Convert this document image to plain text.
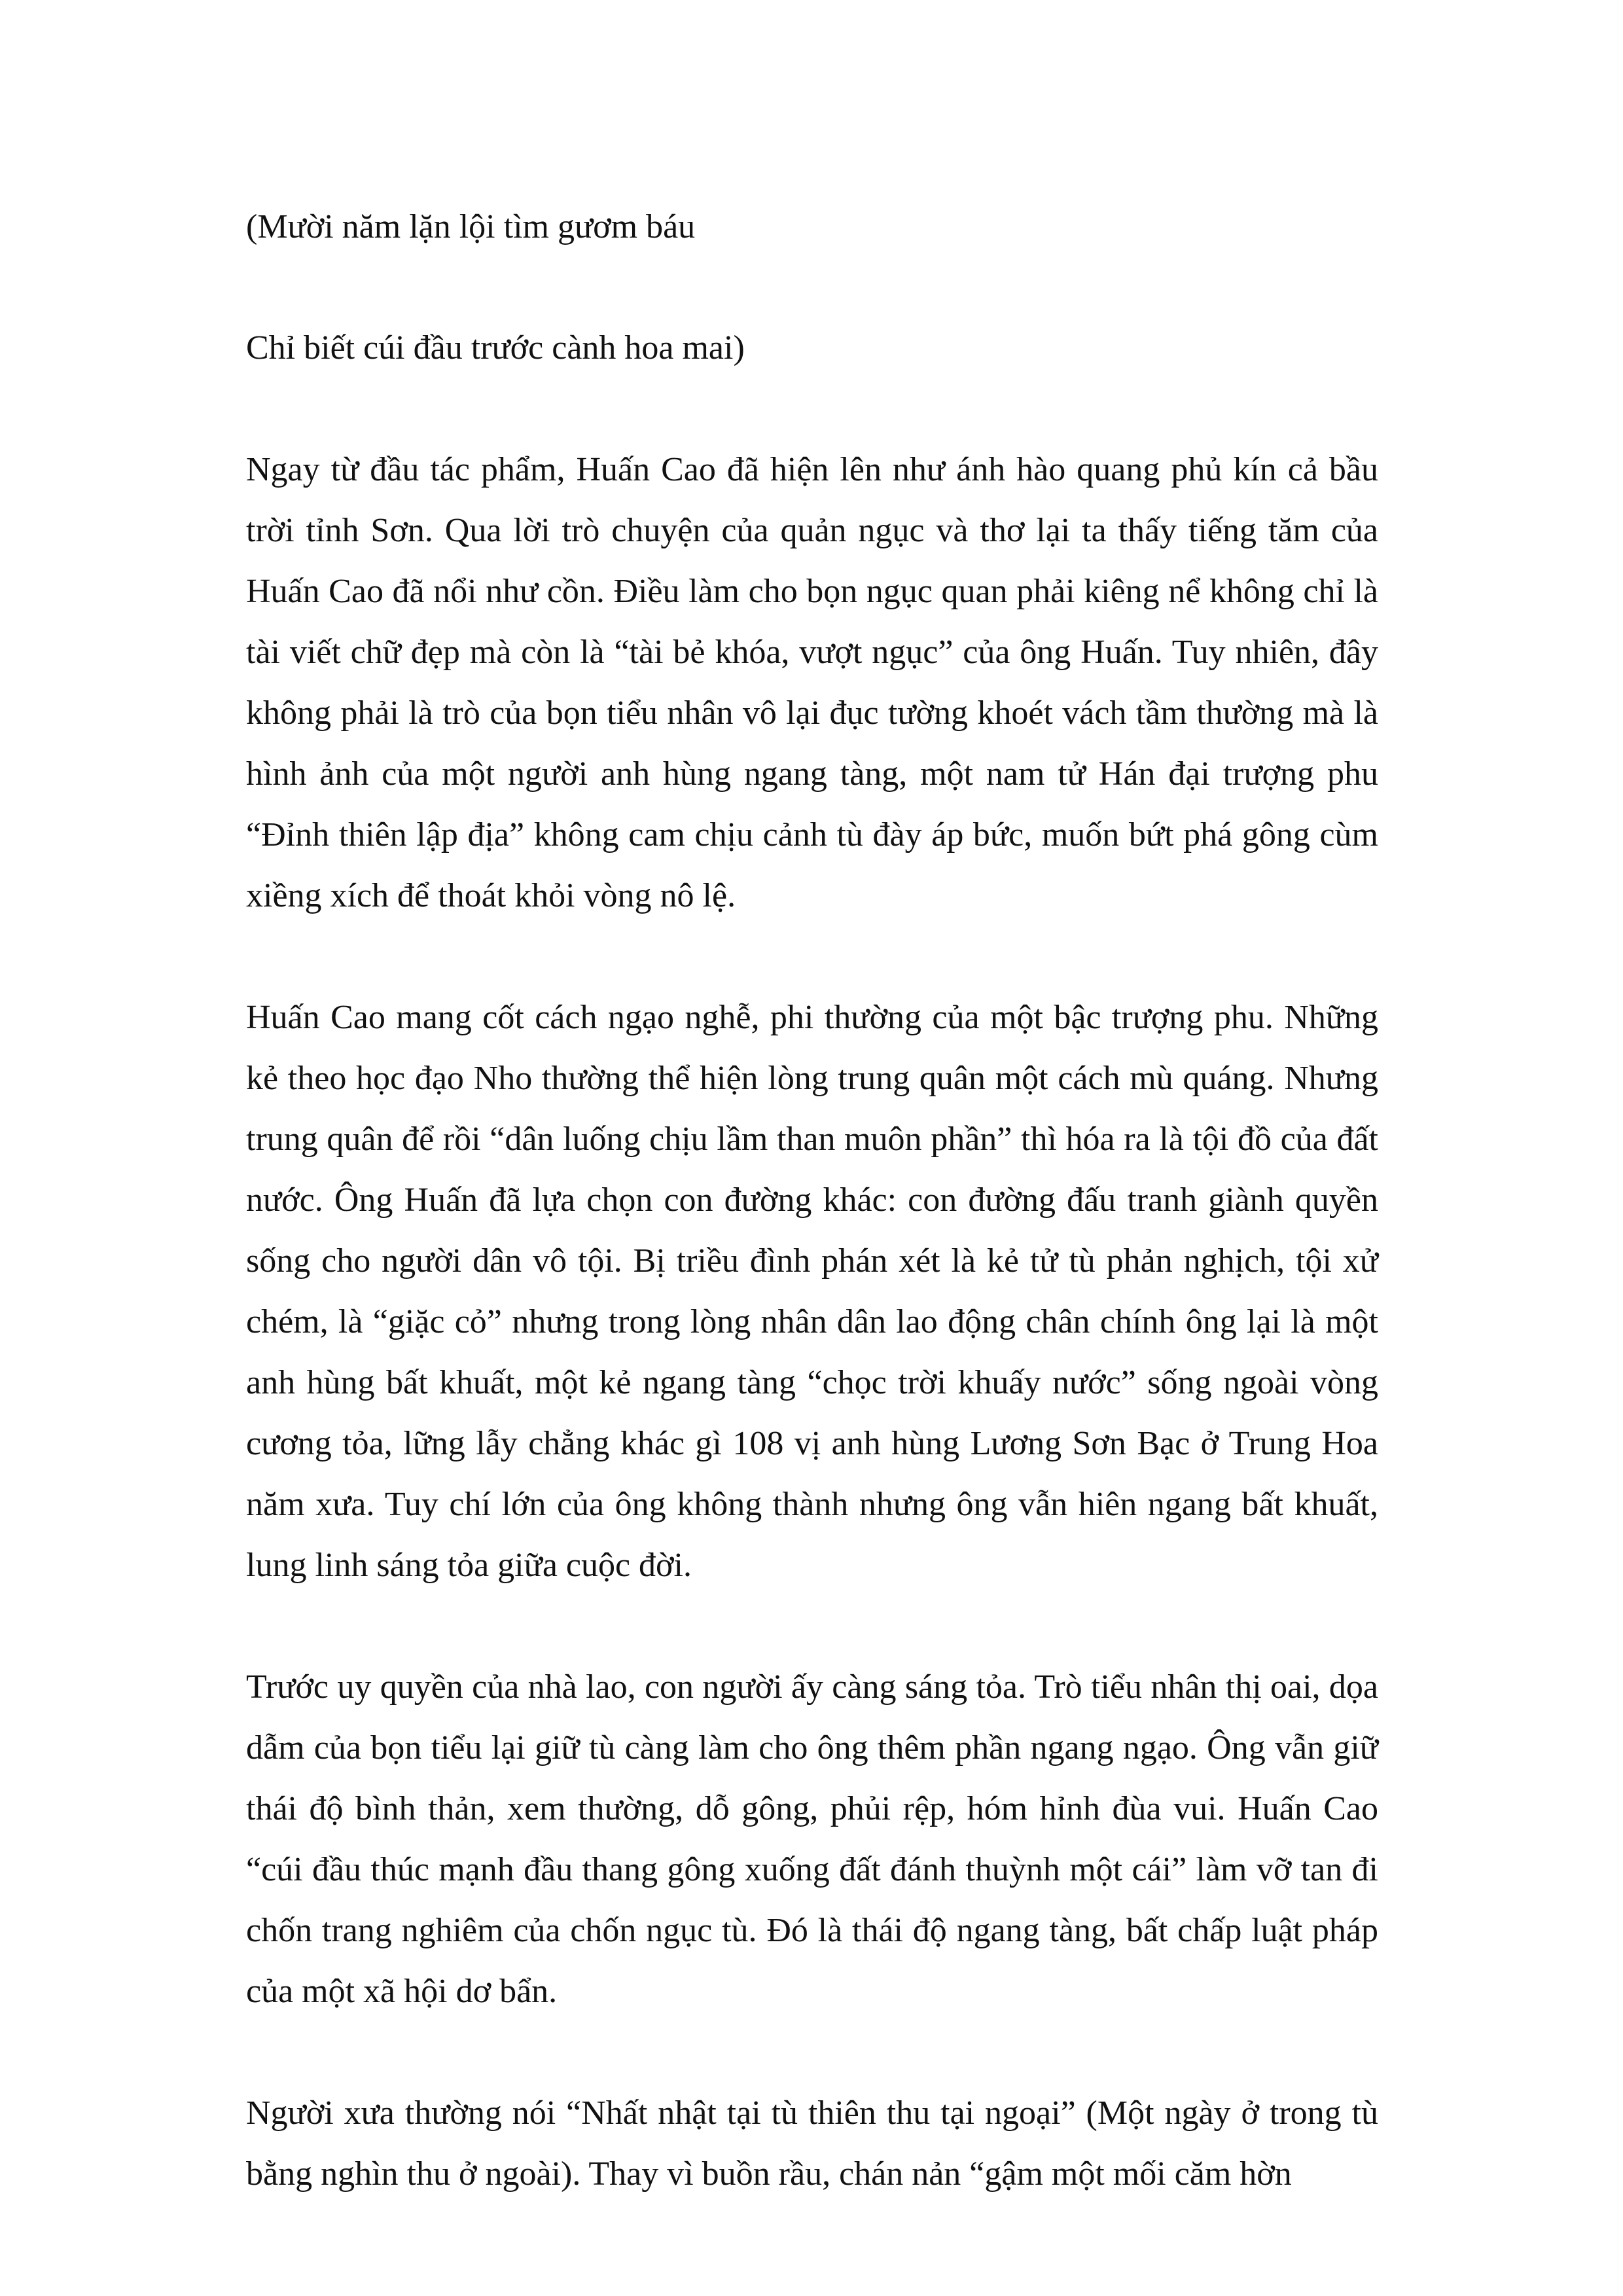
(Mười năm lặn lội tìm gươm báu

Chỉ biết cúi đầu trước cành hoa mai)

Ngay từ đầu tác phẩm, Huấn Cao đã hiện lên như ánh hào quang phủ kín cả bầu trời tỉnh Sơn. Qua lời trò chuyện của quản ngục và thơ lại ta thấy tiếng tăm của Huấn Cao đã nổi như cồn. Điều làm cho bọn ngục quan phải kiêng nể không chỉ là tài viết chữ đẹp mà còn là “tài bẻ khóa, vượt ngục” của ông Huấn. Tuy nhiên, đây không phải là trò của bọn tiểu nhân vô lại đục tường khoét vách tầm thường mà là hình ảnh của một người anh hùng ngang tàng, một nam tử Hán đại trượng phu “Đỉnh thiên lập địa” không cam chịu cảnh tù đày áp bức, muốn bứt phá gông cùm xiềng xích để thoát khỏi vòng nô lệ.

Huấn Cao mang cốt cách ngạo nghễ, phi thường của một bậc trượng phu. Những kẻ theo học đạo Nho thường thể hiện lòng trung quân một cách mù quáng. Nhưng trung quân để rồi “dân luống chịu lầm than muôn phần” thì hóa ra là tội đồ của đất nước. Ông Huấn đã lựa chọn con đường khác: con đường đấu tranh giành quyền sống cho người dân vô tội. Bị triều đình phán xét là kẻ tử tù phản nghịch, tội xử chém, là “giặc cỏ” nhưng trong lòng nhân dân lao động chân chính ông lại là một anh hùng bất khuất, một kẻ ngang tàng “chọc trời khuấy nước” sống ngoài vòng cương tỏa, lững lẫy chẳng khác gì 108 vị anh hùng Lương Sơn Bạc ở Trung Hoa năm xưa. Tuy chí lớn của ông không thành nhưng ông vẫn hiên ngang bất khuất, lung linh sáng tỏa giữa cuộc đời.

Trước uy quyền của nhà lao, con người ấy càng sáng tỏa. Trò tiểu nhân thị oai, dọa dẫm của bọn tiểu lại giữ tù càng làm cho ông thêm phần ngang ngạo. Ông vẫn giữ thái độ bình thản, xem thường, dỗ gông, phủi rệp, hóm hỉnh đùa vui. Huấn Cao “cúi đầu thúc mạnh đầu thang gông xuống đất đánh thuỳnh một cái” làm vỡ tan đi chốn trang nghiêm của chốn ngục tù. Đó là thái độ ngang tàng, bất chấp luật pháp của một xã hội dơ bẩn.

Người xưa thường nói “Nhất nhật tại tù thiên thu tại ngoại” (Một ngày ở trong tù bằng nghìn thu ở ngoài). Thay vì buồn rầu, chán nản “gậm một mối căm hờn
